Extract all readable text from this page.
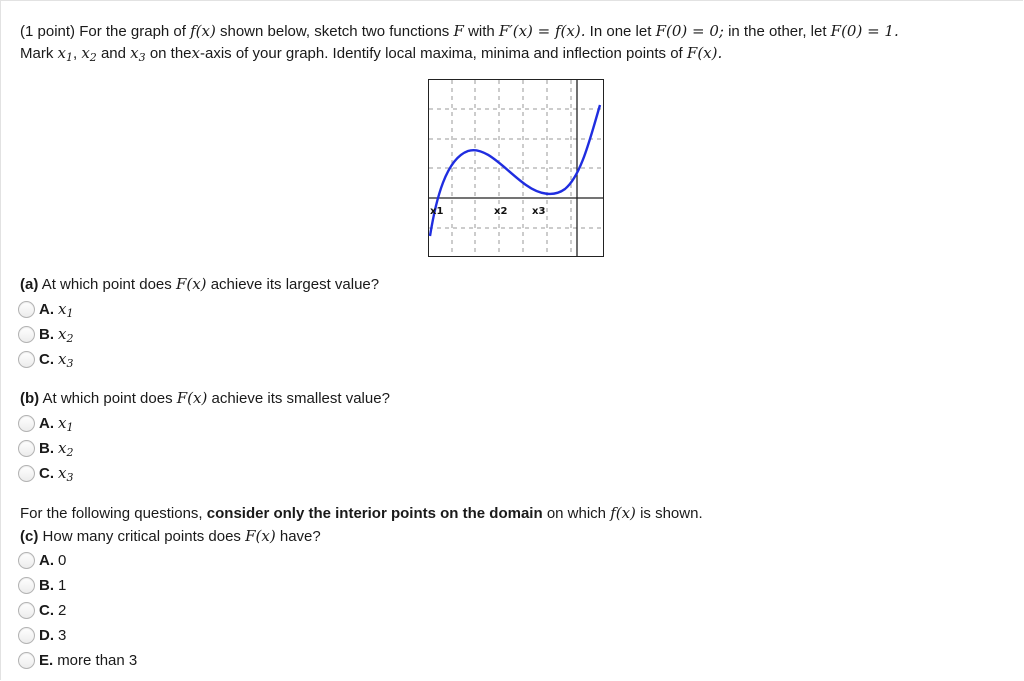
(1 point) For the graph of f(x) shown below, sketch two functions F with F′(x) = f(x). In one let F(0) = 0; in the other, let F(0) = 1.
Mark $x_1$, $x_2$ and $x_3$ on thex-axis of your graph. Identify local maxima, minima and inflection points of F(x).
x1	x2 x3
(a) At which point does F(x) achieve its largest value?
A. $x_1$
B. $x_2$
C. $x_3$
(b) At which point does F(x) achieve its smallest value?
A. $x_1$
B. $x_2$
C. $x_3$
For the following questions, consider only the interior points on the domain on which f(x) is shown.
(c) How many critical points does F(x) have?
A. 0
B. 1
C. 2
D. 3
E. more than 3
